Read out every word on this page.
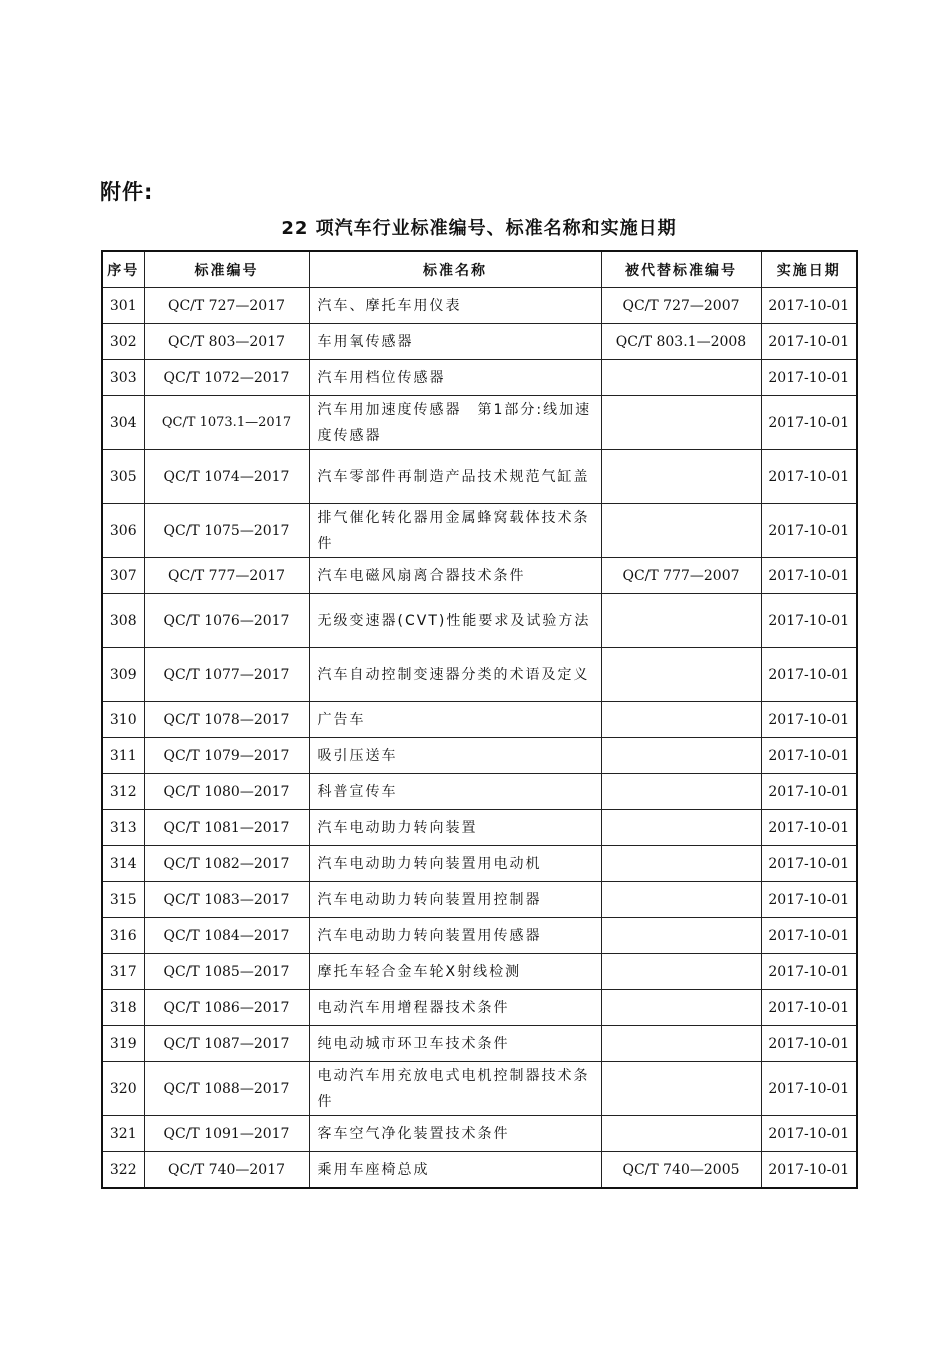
附件:
22 项汽车行业标准编号、标准名称和实施日期
序号	标准编号	标准名称	被代替标准编号	实施日期
301	QC/T 727—2017	汽车、摩托车用仪表	QC/T 727—2007	2017-10-01
302	QC/T 803—2017	车用氧传感器	QC/T 803.1—2008	2017-10-01
303	QC/T 1072—2017	汽车用档位传感器		2017-10-01
304	QC/T 1073.1—2017	汽车用加速度传感器　第1部分:线加速度传感器		2017-10-01
305	QC/T 1074—2017	汽车零部件再制造产品技术规范气缸盖		2017-10-01
306	QC/T 1075—2017	排气催化转化器用金属蜂窝载体技术条件		2017-10-01
307	QC/T 777—2017	汽车电磁风扇离合器技术条件	QC/T 777—2007	2017-10-01
308	QC/T 1076—2017	无级变速器(CVT)性能要求及试验方法		2017-10-01
309	QC/T 1077—2017	汽车自动控制变速器分类的术语及定义		2017-10-01
310	QC/T 1078—2017	广告车		2017-10-01
311	QC/T 1079—2017	吸引压送车		2017-10-01
312	QC/T 1080—2017	科普宣传车		2017-10-01
313	QC/T 1081—2017	汽车电动助力转向装置		2017-10-01
314	QC/T 1082—2017	汽车电动助力转向装置用电动机		2017-10-01
315	QC/T 1083—2017	汽车电动助力转向装置用控制器		2017-10-01
316	QC/T 1084—2017	汽车电动助力转向装置用传感器		2017-10-01
317	QC/T 1085—2017	摩托车轻合金车轮X射线检测		2017-10-01
318	QC/T 1086—2017	电动汽车用增程器技术条件		2017-10-01
319	QC/T 1087—2017	纯电动城市环卫车技术条件		2017-10-01
320	QC/T 1088—2017	电动汽车用充放电式电机控制器技术条件		2017-10-01
321	QC/T 1091—2017	客车空气净化装置技术条件		2017-10-01
322	QC/T 740—2017	乘用车座椅总成	QC/T 740—2005	2017-10-01
